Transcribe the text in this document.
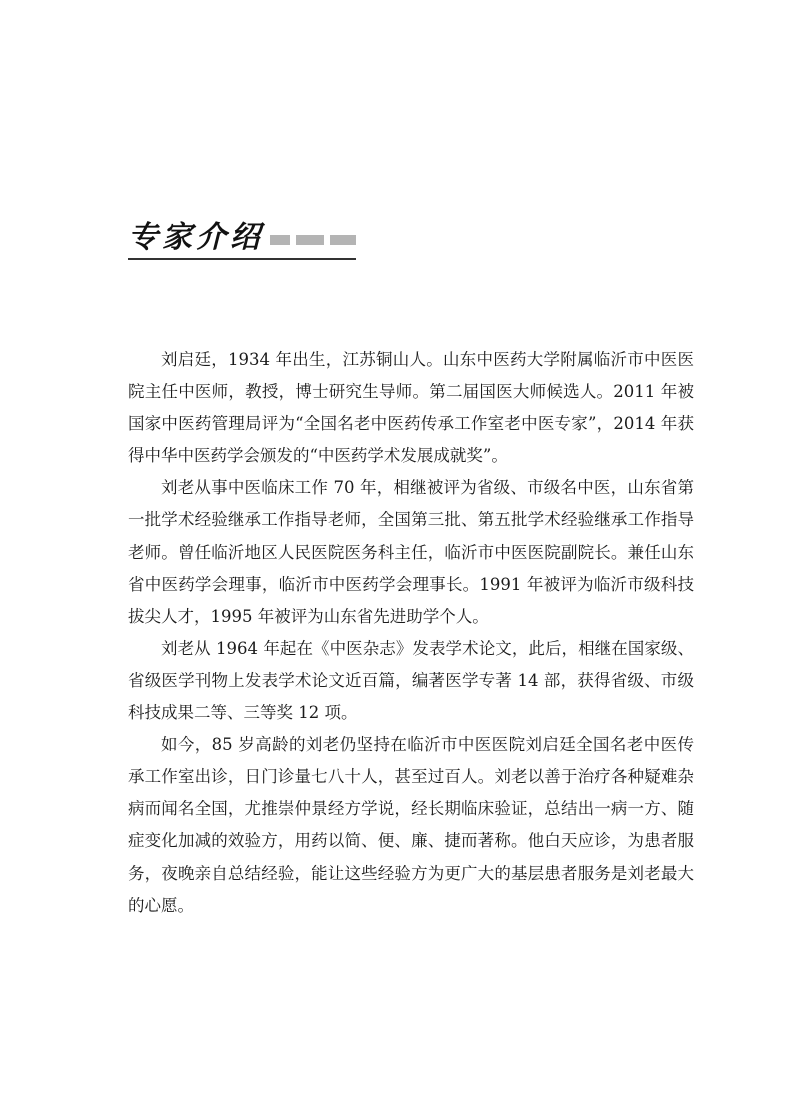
专家介绍

刘启廷，1934 年出生，江苏铜山人。山东中医药大学附属临沂市中医医院主任中医师，教授，博士研究生导师。第二届国医大师候选人。2011 年被国家中医药管理局评为“全国名老中医药传承工作室老中医专家”，2014 年获得中华中医药学会颁发的“中医药学术发展成就奖”。

刘老从事中医临床工作 70 年，相继被评为省级、市级名中医，山东省第一批学术经验继承工作指导老师，全国第三批、第五批学术经验继承工作指导老师。曾任临沂地区人民医院医务科主任，临沂市中医医院副院长。兼任山东省中医药学会理事，临沂市中医药学会理事长。1991 年被评为临沂市级科技拔尖人才，1995 年被评为山东省先进助学个人。

刘老从 1964 年起在《中医杂志》发表学术论文，此后，相继在国家级、省级医学刊物上发表学术论文近百篇，编著医学专著 14 部，获得省级、市级科技成果二等、三等奖 12 项。

如今，85 岁高龄的刘老仍坚持在临沂市中医医院刘启廷全国名老中医传承工作室出诊，日门诊量七八十人，甚至过百人。刘老以善于治疗各种疑难杂病而闻名全国，尤推崇仲景经方学说，经长期临床验证，总结出一病一方、随症变化加减的效验方，用药以简、便、廉、捷而著称。他白天应诊，为患者服务，夜晚亲自总结经验，能让这些经验方为更广大的基层患者服务是刘老最大的心愿。
